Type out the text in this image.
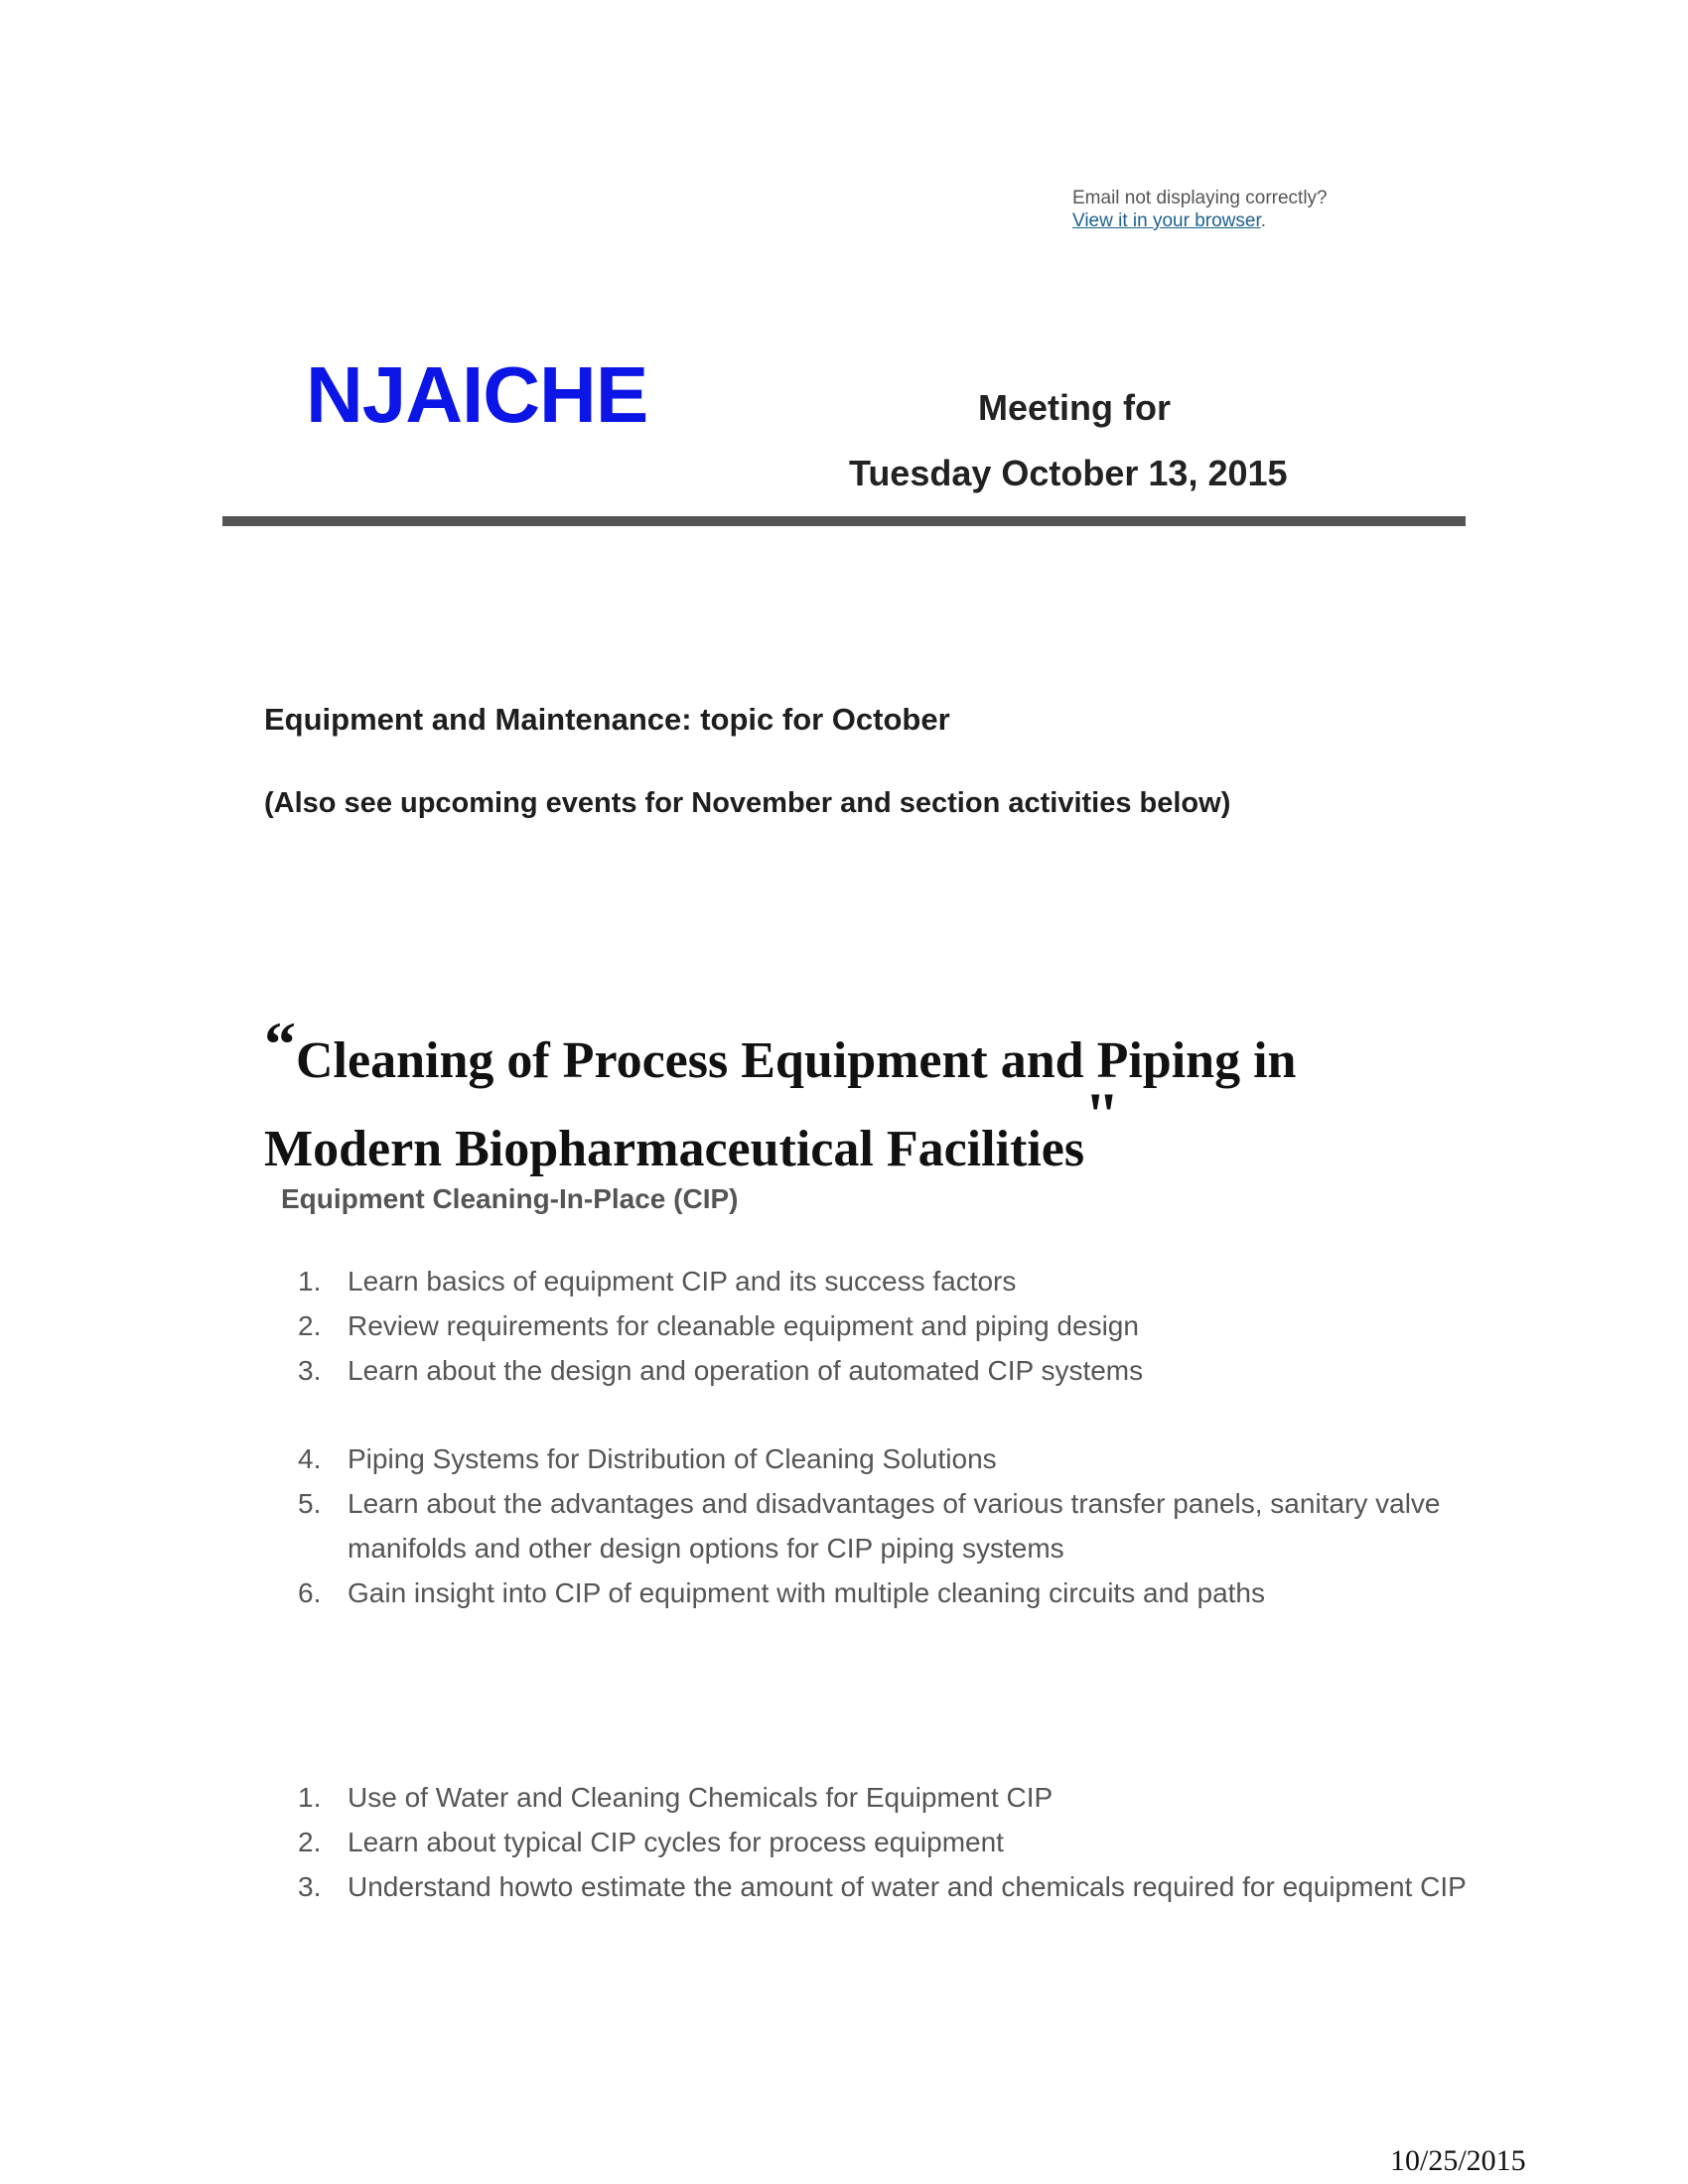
Email not displaying correctly?
View it in your browser.
NJAICHE	Meeting for
Tuesday October 13, 2015
Equipment and Maintenance: topic for October
(Also see upcoming events for November and section activities below)
“Cleaning of Process Equipment and Piping in Modern Biopharmaceutical Facilities"
Equipment Cleaning-In-Place (CIP)
1. Learn basics of equipment CIP and its success factors
2. Review requirements for cleanable equipment and piping design
3. Learn about the design and operation of automated CIP systems
4. Piping Systems for Distribution of Cleaning Solutions
5. Learn about the advantages and disadvantages of various transfer panels, sanitary valve manifolds and other design options for CIP piping systems
6. Gain insight into CIP of equipment with multiple cleaning circuits and paths
1. Use of Water and Cleaning Chemicals for Equipment CIP
2. Learn about typical CIP cycles for process equipment
3. Understand howto estimate the amount of water and chemicals required for equipment CIP
10/25/2015
